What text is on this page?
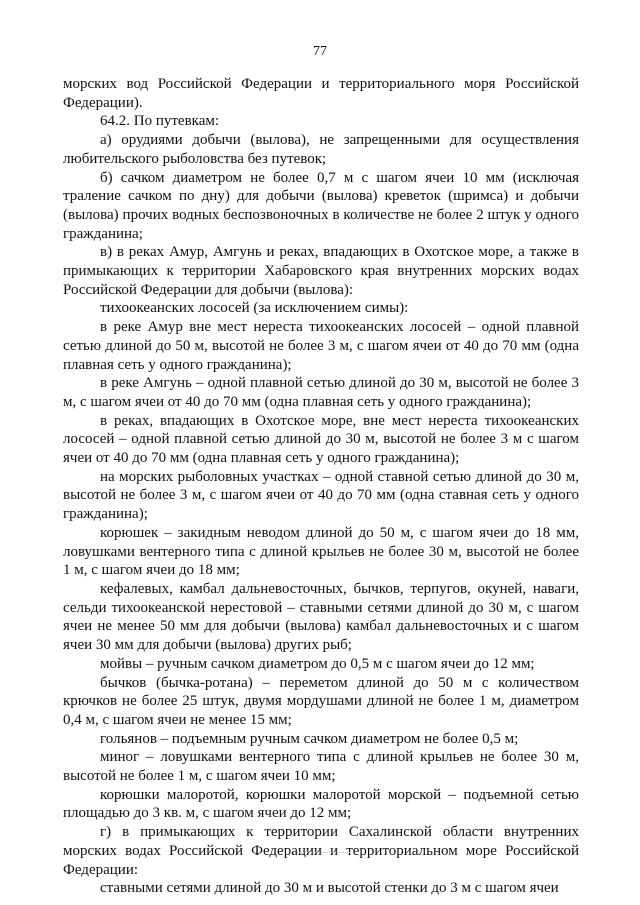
77

морских вод Российской Федерации и территориального моря Российской Федерации).

64.2. По путевкам:

а) орудиями добычи (вылова), не запрещенными для осуществления любительского рыболовства без путевок;

б) сачком диаметром не более 0,7 м с шагом ячеи 10 мм (исключая траление сачком по дну) для добычи (вылова) креветок (шримса) и добычи (вылова) прочих водных беспозвоночных в количестве не более 2 штук у одного гражданина;

в) в реках Амур, Амгунь и реках, впадающих в Охотское море, а также в примыкающих к территории Хабаровского края внутренних морских водах Российской Федерации для добычи (вылова):

тихоокеанских лососей (за исключением симы):

в реке Амур вне мест нереста тихоокеанских лососей – одной плавной сетью длиной до 50 м, высотой не более 3 м, с шагом ячеи от 40 до 70 мм (одна плавная сеть у одного гражданина);

в реке Амгунь – одной плавной сетью длиной до 30 м, высотой не более 3 м, с шагом ячеи от 40 до 70 мм (одна плавная сеть у одного гражданина);

в реках, впадающих в Охотское море, вне мест нереста тихоокеанских лососей – одной плавной сетью длиной до 30 м, высотой не более 3 м с шагом ячеи от 40 до 70 мм (одна плавная сеть у одного гражданина);

на морских рыболовных участках – одной ставной сетью длиной до 30 м, высотой не более 3 м, с шагом ячеи от 40 до 70 мм (одна ставная сеть у одного гражданина);

корюшек – закидным неводом длиной до 50 м, с шагом ячеи до 18 мм, ловушками вентерного типа с длиной крыльев не более 30 м, высотой не более 1 м, с шагом ячеи до 18 мм;

кефалевых, камбал дальневосточных, бычков, терпугов, окуней, наваги, сельди тихоокеанской нерестовой – ставными сетями длиной до 30 м, с шагом ячеи не менее 50 мм для добычи (вылова) камбал дальневосточных и с шагом ячеи 30 мм для добычи (вылова) других рыб;

мойвы – ручным сачком диаметром до 0,5 м с шагом ячеи до 12 мм;

бычков (бычка-ротана) – переметом длиной до 50 м с количеством крючков не более 25 штук, двумя мордушами длиной не более 1 м, диаметром 0,4 м, с шагом ячеи не менее 15 мм;

гольянов – подъемным ручным сачком диаметром не более 0,5 м;

миног – ловушками вентерного типа с длиной крыльев не более 30 м, высотой не более 1 м, с шагом ячеи 10 мм;

корюшки малоротой, корюшки малоротой морской – подъемной сетью площадью до 3 кв. м, с шагом ячеи до 12 мм;

г) в примыкающих к территории Сахалинской области внутренних морских водах Российской Федерации и территориальном море Российской Федерации:

ставными сетями длиной до 30 м и высотой стенки до 3 м с шагом ячеи
